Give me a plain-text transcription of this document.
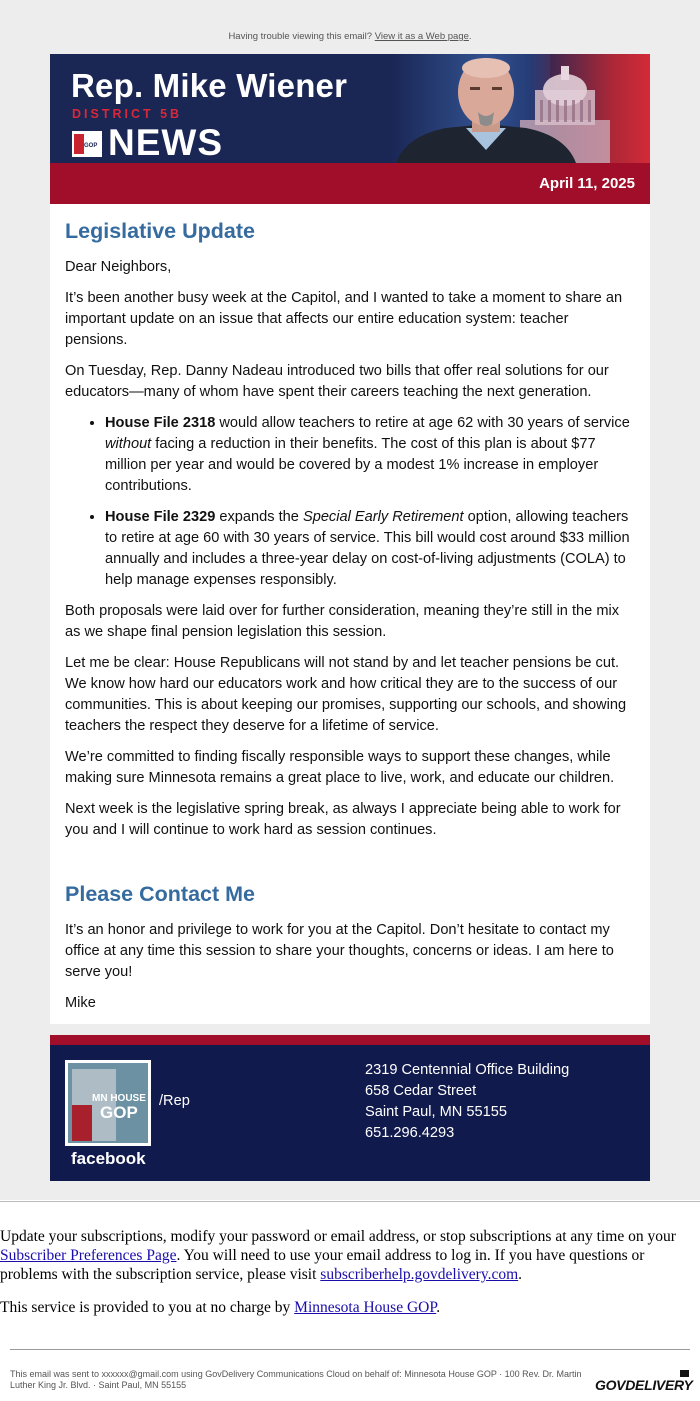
Having trouble viewing this email? View it as a Web page.
Rep. Mike Wiener
DISTRICT 5B
GOP NEWS
April 11, 2025
Legislative Update

Dear Neighbors,

It’s been another busy week at the Capitol, and I wanted to take a moment to share an important update on an issue that affects our entire education system: teacher pensions.

On Tuesday, Rep. Danny Nadeau introduced two bills that offer real solutions for our educators—many of whom have spent their careers teaching the next generation.

• House File 2318 would allow teachers to retire at age 62 with 30 years of service without facing a reduction in their benefits. The cost of this plan is about $77 million per year and would be covered by a modest 1% increase in employer contributions.
• House File 2329 expands the Special Early Retirement option, allowing teachers to retire at age 60 with 30 years of service. This bill would cost around $33 million annually and includes a three-year delay on cost-of-living adjustments (COLA) to help manage expenses responsibly.

Both proposals were laid over for further consideration, meaning they’re still in the mix as we shape final pension legislation this session.

Let me be clear: House Republicans will not stand by and let teacher pensions be cut. We know how hard our educators work and how critical they are to the success of our communities. This is about keeping our promises, supporting our schools, and showing teachers the respect they deserve for a lifetime of service.

We’re committed to finding fiscally responsible ways to support these changes, while making sure Minnesota remains a great place to live, work, and educate our children.

Next week is the legislative spring break, as always I appreciate being able to work for you and I will continue to work hard as session continues.

Please Contact Me

It’s an honor and privilege to work for you at the Capitol. Don’t hesitate to contact my office at any time this session to share your thoughts, concerns or ideas. I am here to serve you!

Mike

MN HOUSE
GOP
facebook
/Rep
2319 Centennial Office Building
658 Cedar Street
Saint Paul, MN 55155
651.296.4293

Update your subscriptions, modify your password or email address, or stop subscriptions at any time on your Subscriber Preferences Page. You will need to use your email address to log in. If you have questions or problems with the subscription service, please visit subscriberhelp.govdelivery.com.

This service is provided to you at no charge by Minnesota House GOP.

This email was sent to xxxxxx@gmail.com using GovDelivery Communications Cloud on behalf of: Minnesota House GOP · 100 Rev. Dr. Martin Luther King Jr. Blvd. · Saint Paul, MN 55155	GOVDELIVERY
